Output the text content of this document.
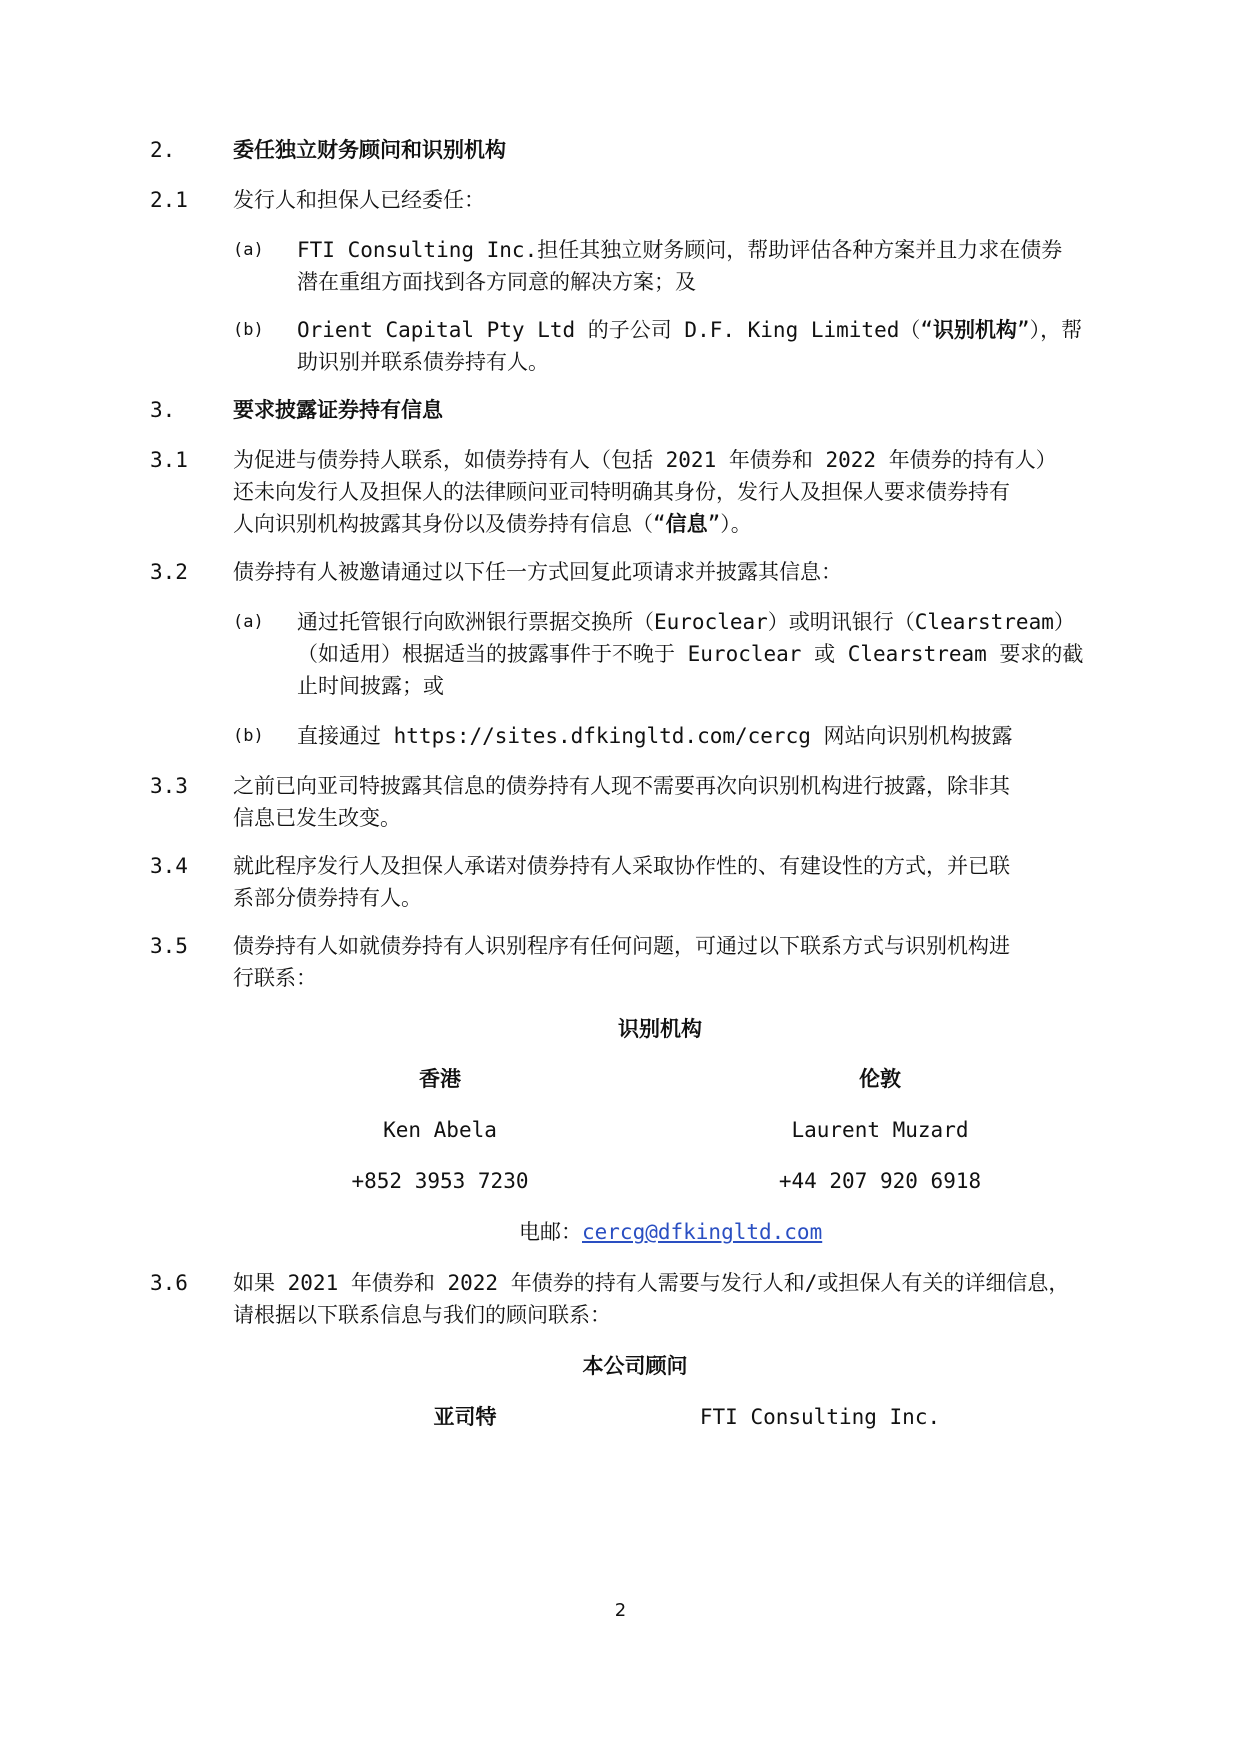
2.	委任独立财务顾问和识别机构
2.1 发行人和担保人已经委任：
(a) FTI Consulting Inc.担任其独立财务顾问，帮助评估各种方案并且力求在债券
潜在重组方面找到各方同意的解决方案；及
(b) Orient Capital Pty Ltd 的子公司 D.F. King Limited（“识别机构”），帮
助识别并联系债券持有人。
3.	要求披露证券持有信息
3.1 为促进与债券持人联系，如债券持有人（包括 2021 年债券和 2022 年债券的持有人）
还未向发行人及担保人的法律顾问亚司特明确其身份，发行人及担保人要求债券持有
人向识别机构披露其身份以及债券持有信息（“信息”）。
3.2 债券持有人被邀请通过以下任一方式回复此项请求并披露其信息：
(a) 通过托管银行向欧洲银行票据交换所（Euroclear）或明讯银行（Clearstream）
（如适用）根据适当的披露事件于不晚于 Euroclear 或 Clearstream 要求的截
止时间披露；或
(b) 直接通过 https://sites.dfkingltd.com/cercg 网站向识别机构披露
3.3 之前已向亚司特披露其信息的债券持有人现不需要再次向识别机构进行披露，除非其
信息已发生改变。
3.4 就此程序发行人及担保人承诺对债券持有人采取协作性的、有建设性的方式，并已联
系部分债券持有人。
3.5 债券持有人如就债券持有人识别程序有任何问题，可通过以下联系方式与识别机构进
行联系：
识别机构
香港	伦敦
Ken Abela	Laurent Muzard
+852 3953 7230	+44 207 920 6918
电邮：cercg@dfkingltd.com
3.6 如果 2021 年债券和 2022 年债券的持有人需要与发行人和/或担保人有关的详细信息，
请根据以下联系信息与我们的顾问联系：
本公司顾问
亚司特	FTI Consulting Inc.
2
